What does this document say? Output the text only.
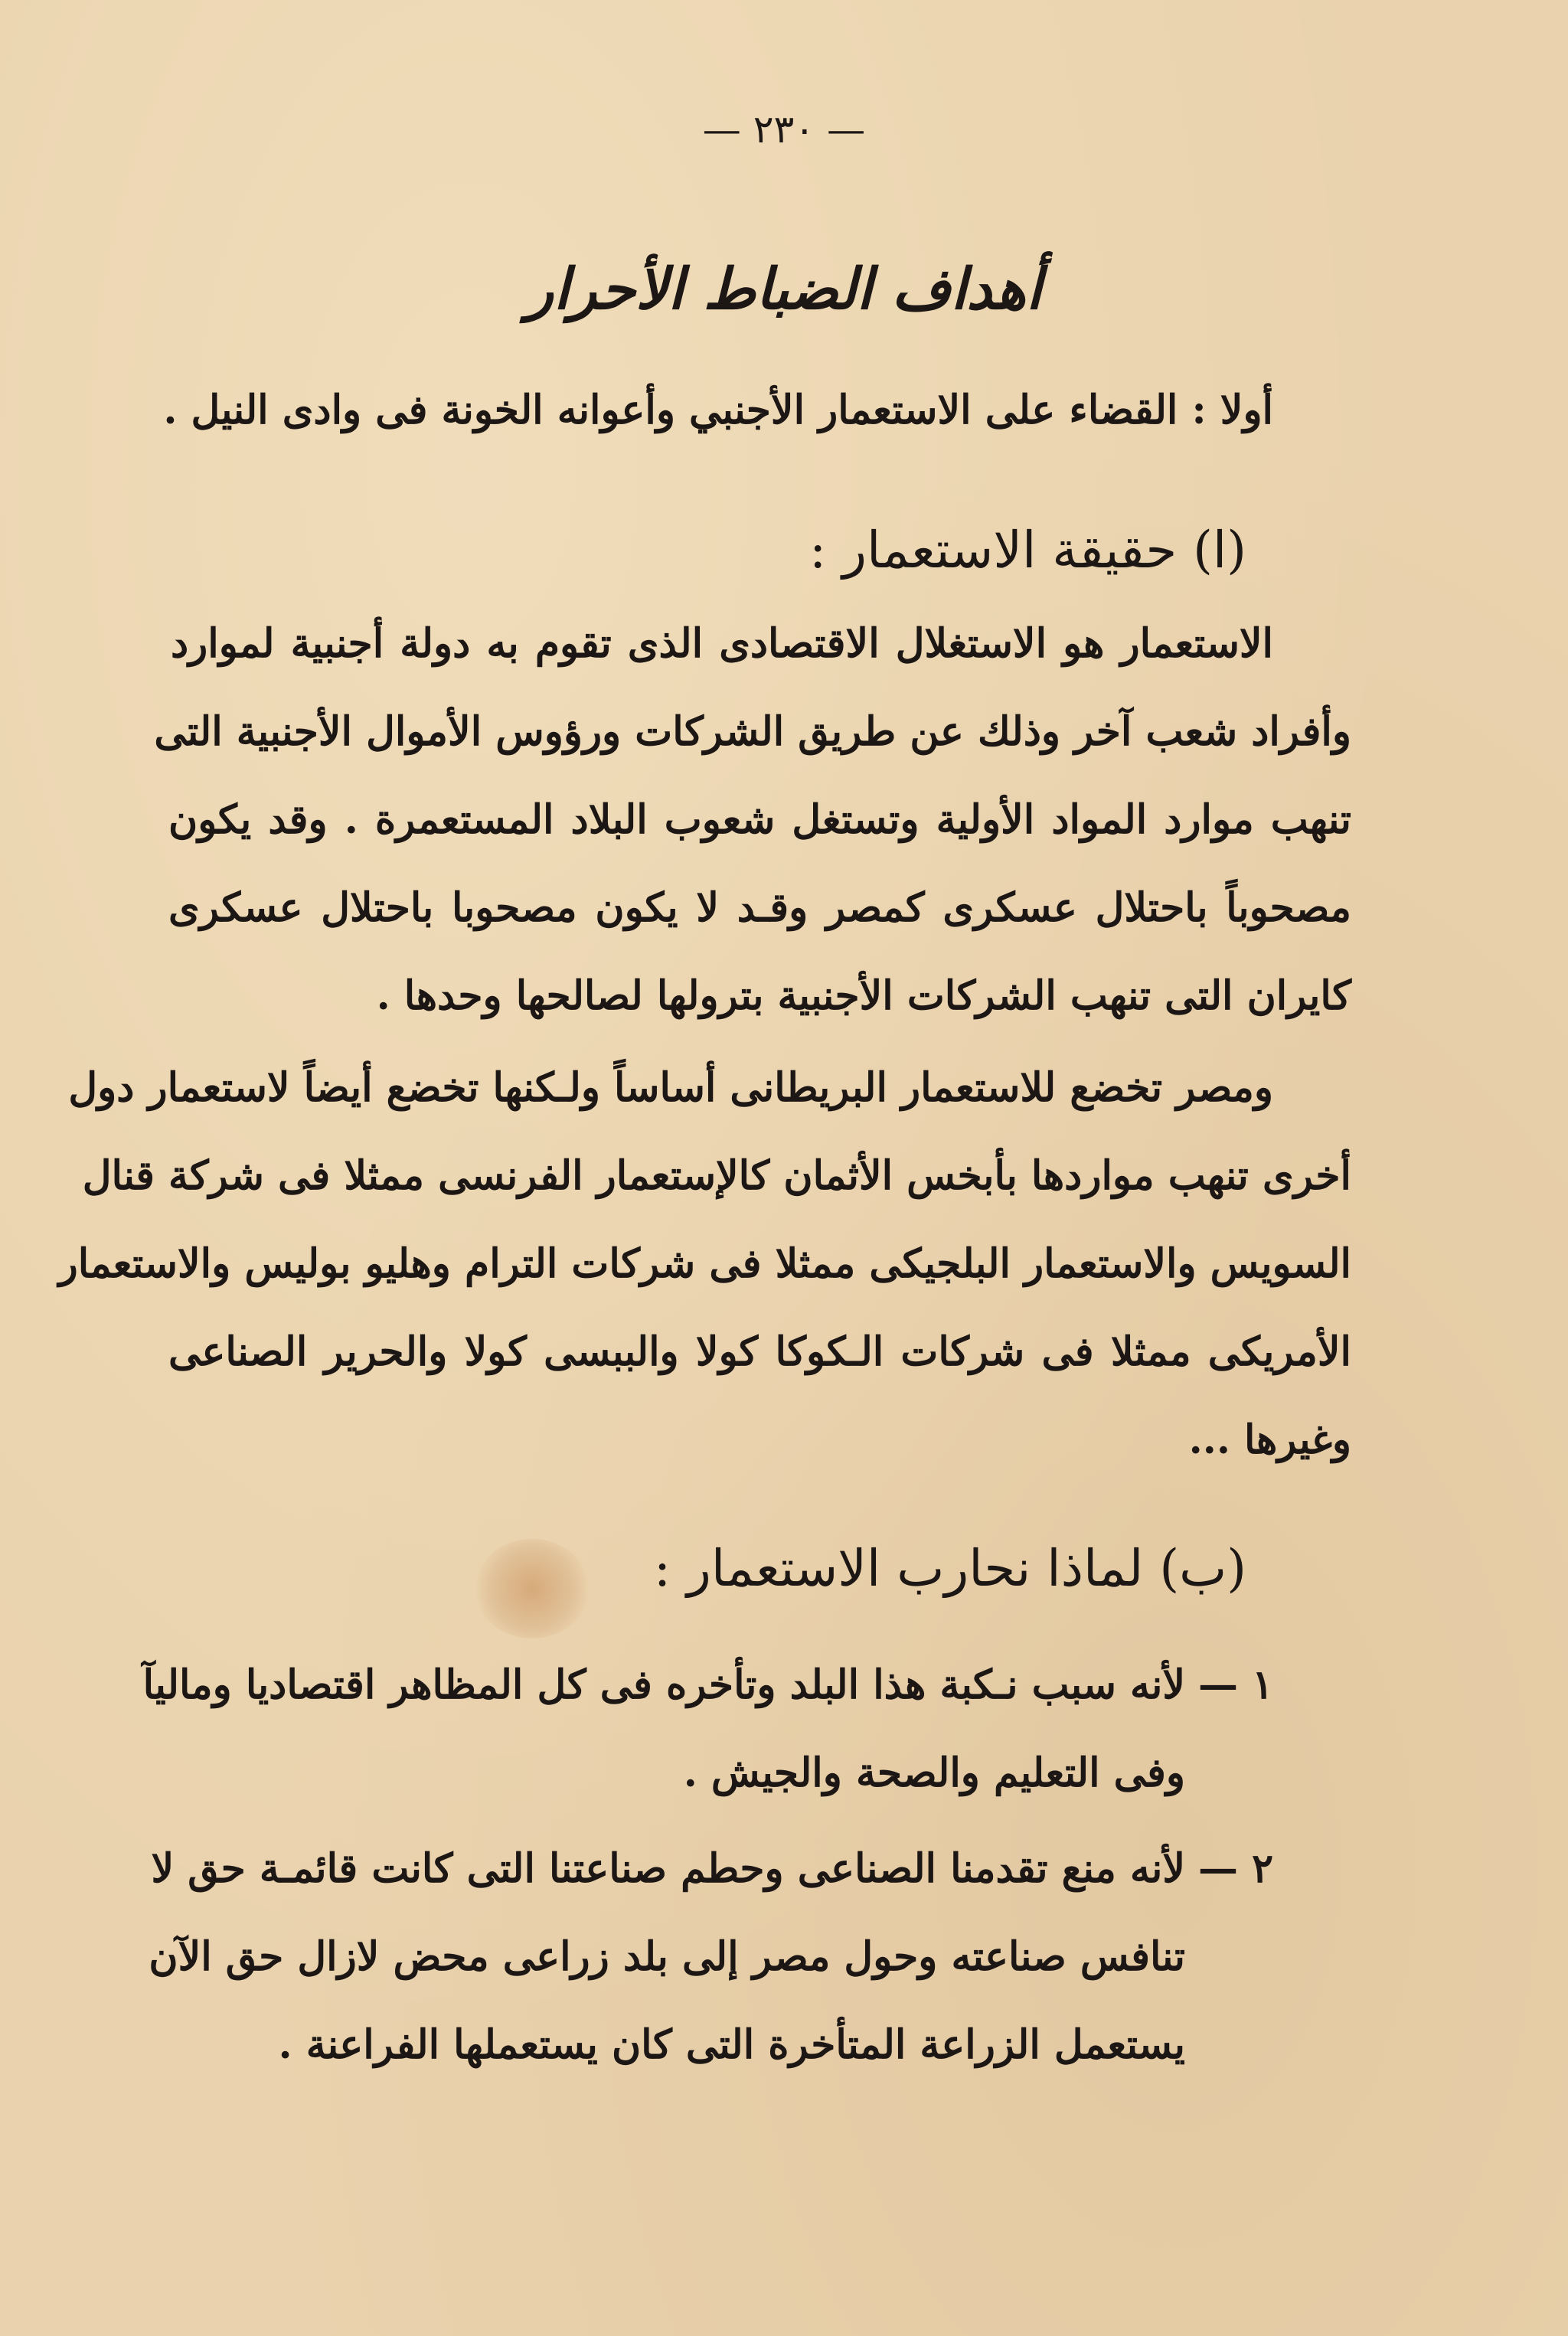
— ٢٣٠ —
أهداف الضباط الأحرار
أولا : القضاء على الاستعمار الأجنبي وأعوانه الخونة فى وادى النيل .
(ا) حقيقة الاستعمار :
الاستعمار هو الاستغلال الاقتصادى الذى تقوم به دولة أجنبية لموارد
وأفراد شعب آخر وذلك عن طريق الشركات ورؤوس الأموال الأجنبية التى
تنهب موارد المواد الأولية وتستغل شعوب البلاد المستعمرة . وقد يكون
مصحوباً باحتلال عسكرى كمصر وقـد لا يكون مصحوبا باحتلال عسكرى
كايران التى تنهب الشركات الأجنبية بترولها لصالحها وحدها .
ومصر تخضع للاستعمار البريطانى أساساً ولـكنها تخضع أيضاً لاستعمار دول
أخرى تنهب مواردها بأبخس الأثمان كالإستعمار الفرنسى ممثلا فى شركة قنال
السويس والاستعمار البلجيكى ممثلا فى شركات الترام وهليو بوليس والاستعمار
الأمريكى ممثلا فى شركات الـكوكا كولا والببسى كولا والحرير الصناعى
وغيرها ...
(ب) لماذا نحارب الاستعمار :
١ —
لأنه سبب نـكبة هذا البلد وتأخره فى كل المظاهر اقتصاديا وماليآ
وفى التعليم والصحة والجيش .
٢ —
لأنه منع تقدمنا الصناعى وحطم صناعتنا التى كانت قائمـة حق لا
تنافس صناعته وحول مصر إلى بلد زراعى محض لازال حق الآن
يستعمل الزراعة المتأخرة التى كان يستعملها الفراعنة .
